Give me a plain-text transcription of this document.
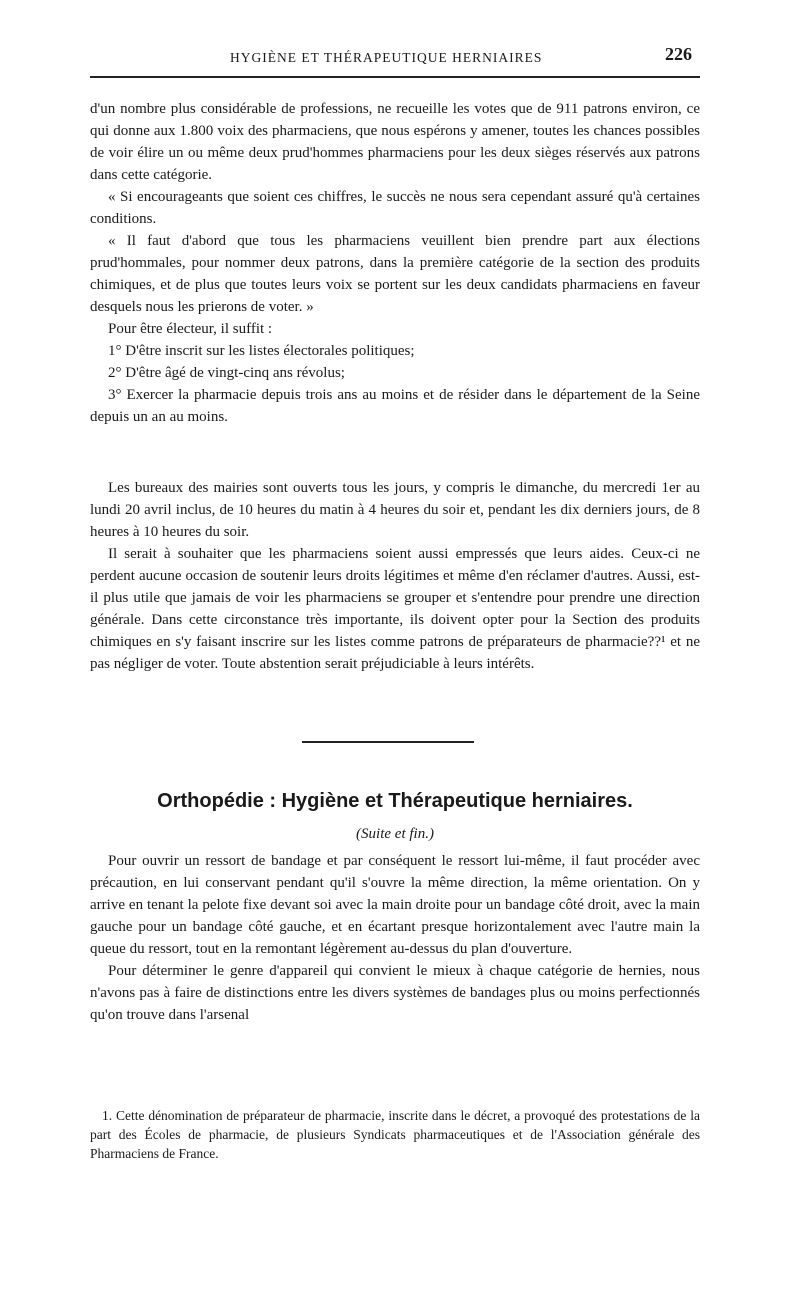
HYGIÈNE ET THÉRAPEUTIQUE HERNIAIRES	226

d'un nombre plus considérable de professions, ne recueille les votes que de 911 patrons environ, ce qui donne aux 1.800 voix des pharmaciens, que nous espérons y amener, toutes les chances possibles de voir élire un ou même deux prud'hommes pharmaciens pour les deux sièges réservés aux patrons dans cette catégorie.

« Si encourageants que soient ces chiffres, le succès ne nous sera cependant assuré qu'à certaines conditions.

« Il faut d'abord que tous les pharmaciens veuillent bien prendre part aux élections prud'hommales, pour nommer deux patrons, dans la première catégorie de la section des produits chimiques, et de plus que toutes leurs voix se portent sur les deux candidats pharmaciens en faveur desquels nous les prierons de voter. »

Pour être électeur, il suffit :

1° D'être inscrit sur les listes électorales politiques;

2° D'être âgé de vingt-cinq ans révolus;

3° Exercer la pharmacie depuis trois ans au moins et de résider dans le département de la Seine depuis un an au moins.

Les bureaux des mairies sont ouverts tous les jours, y compris le dimanche, du mercredi 1er au lundi 20 avril inclus, de 10 heures du matin à 4 heures du soir et, pendant les dix derniers jours, de 8 heures à 10 heures du soir.

Il serait à souhaiter que les pharmaciens soient aussi empressés que leurs aides. Ceux-ci ne perdent aucune occasion de soutenir leurs droits légitimes et même d'en réclamer d'autres. Aussi, est-il plus utile que jamais de voir les pharmaciens se grouper et s'entendre pour prendre une direction générale. Dans cette circonstance très importante, ils doivent opter pour la Section des produits chimiques en s'y faisant inscrire sur les listes comme patrons de préparateurs de pharmacie??¹ et ne pas négliger de voter. Toute abstention serait préjudiciable à leurs intérêts.

Orthopédie : Hygiène et Thérapeutique herniaires.
(Suite et fin.)

Pour ouvrir un ressort de bandage et par conséquent le ressort lui-même, il faut procéder avec précaution, en lui conservant pendant qu'il s'ouvre la même direction, la même orientation. On y arrive en tenant la pelote fixe devant soi avec la main droite pour un bandage côté droit, avec la main gauche pour un bandage côté gauche, et en écartant presque horizontalement avec l'autre main la queue du ressort, tout en la remontant légèrement au-dessus du plan d'ouverture.

Pour déterminer le genre d'appareil qui convient le mieux à chaque catégorie de hernies, nous n'avons pas à faire de distinctions entre les divers systèmes de bandages plus ou moins perfectionnés qu'on trouve dans l'arsenal

1. Cette dénomination de préparateur de pharmacie, inscrite dans le décret, a provoqué des protestations de la part des Écoles de pharmacie, de plusieurs Syndicats pharmaceutiques et de l'Association générale des Pharmaciens de France.
